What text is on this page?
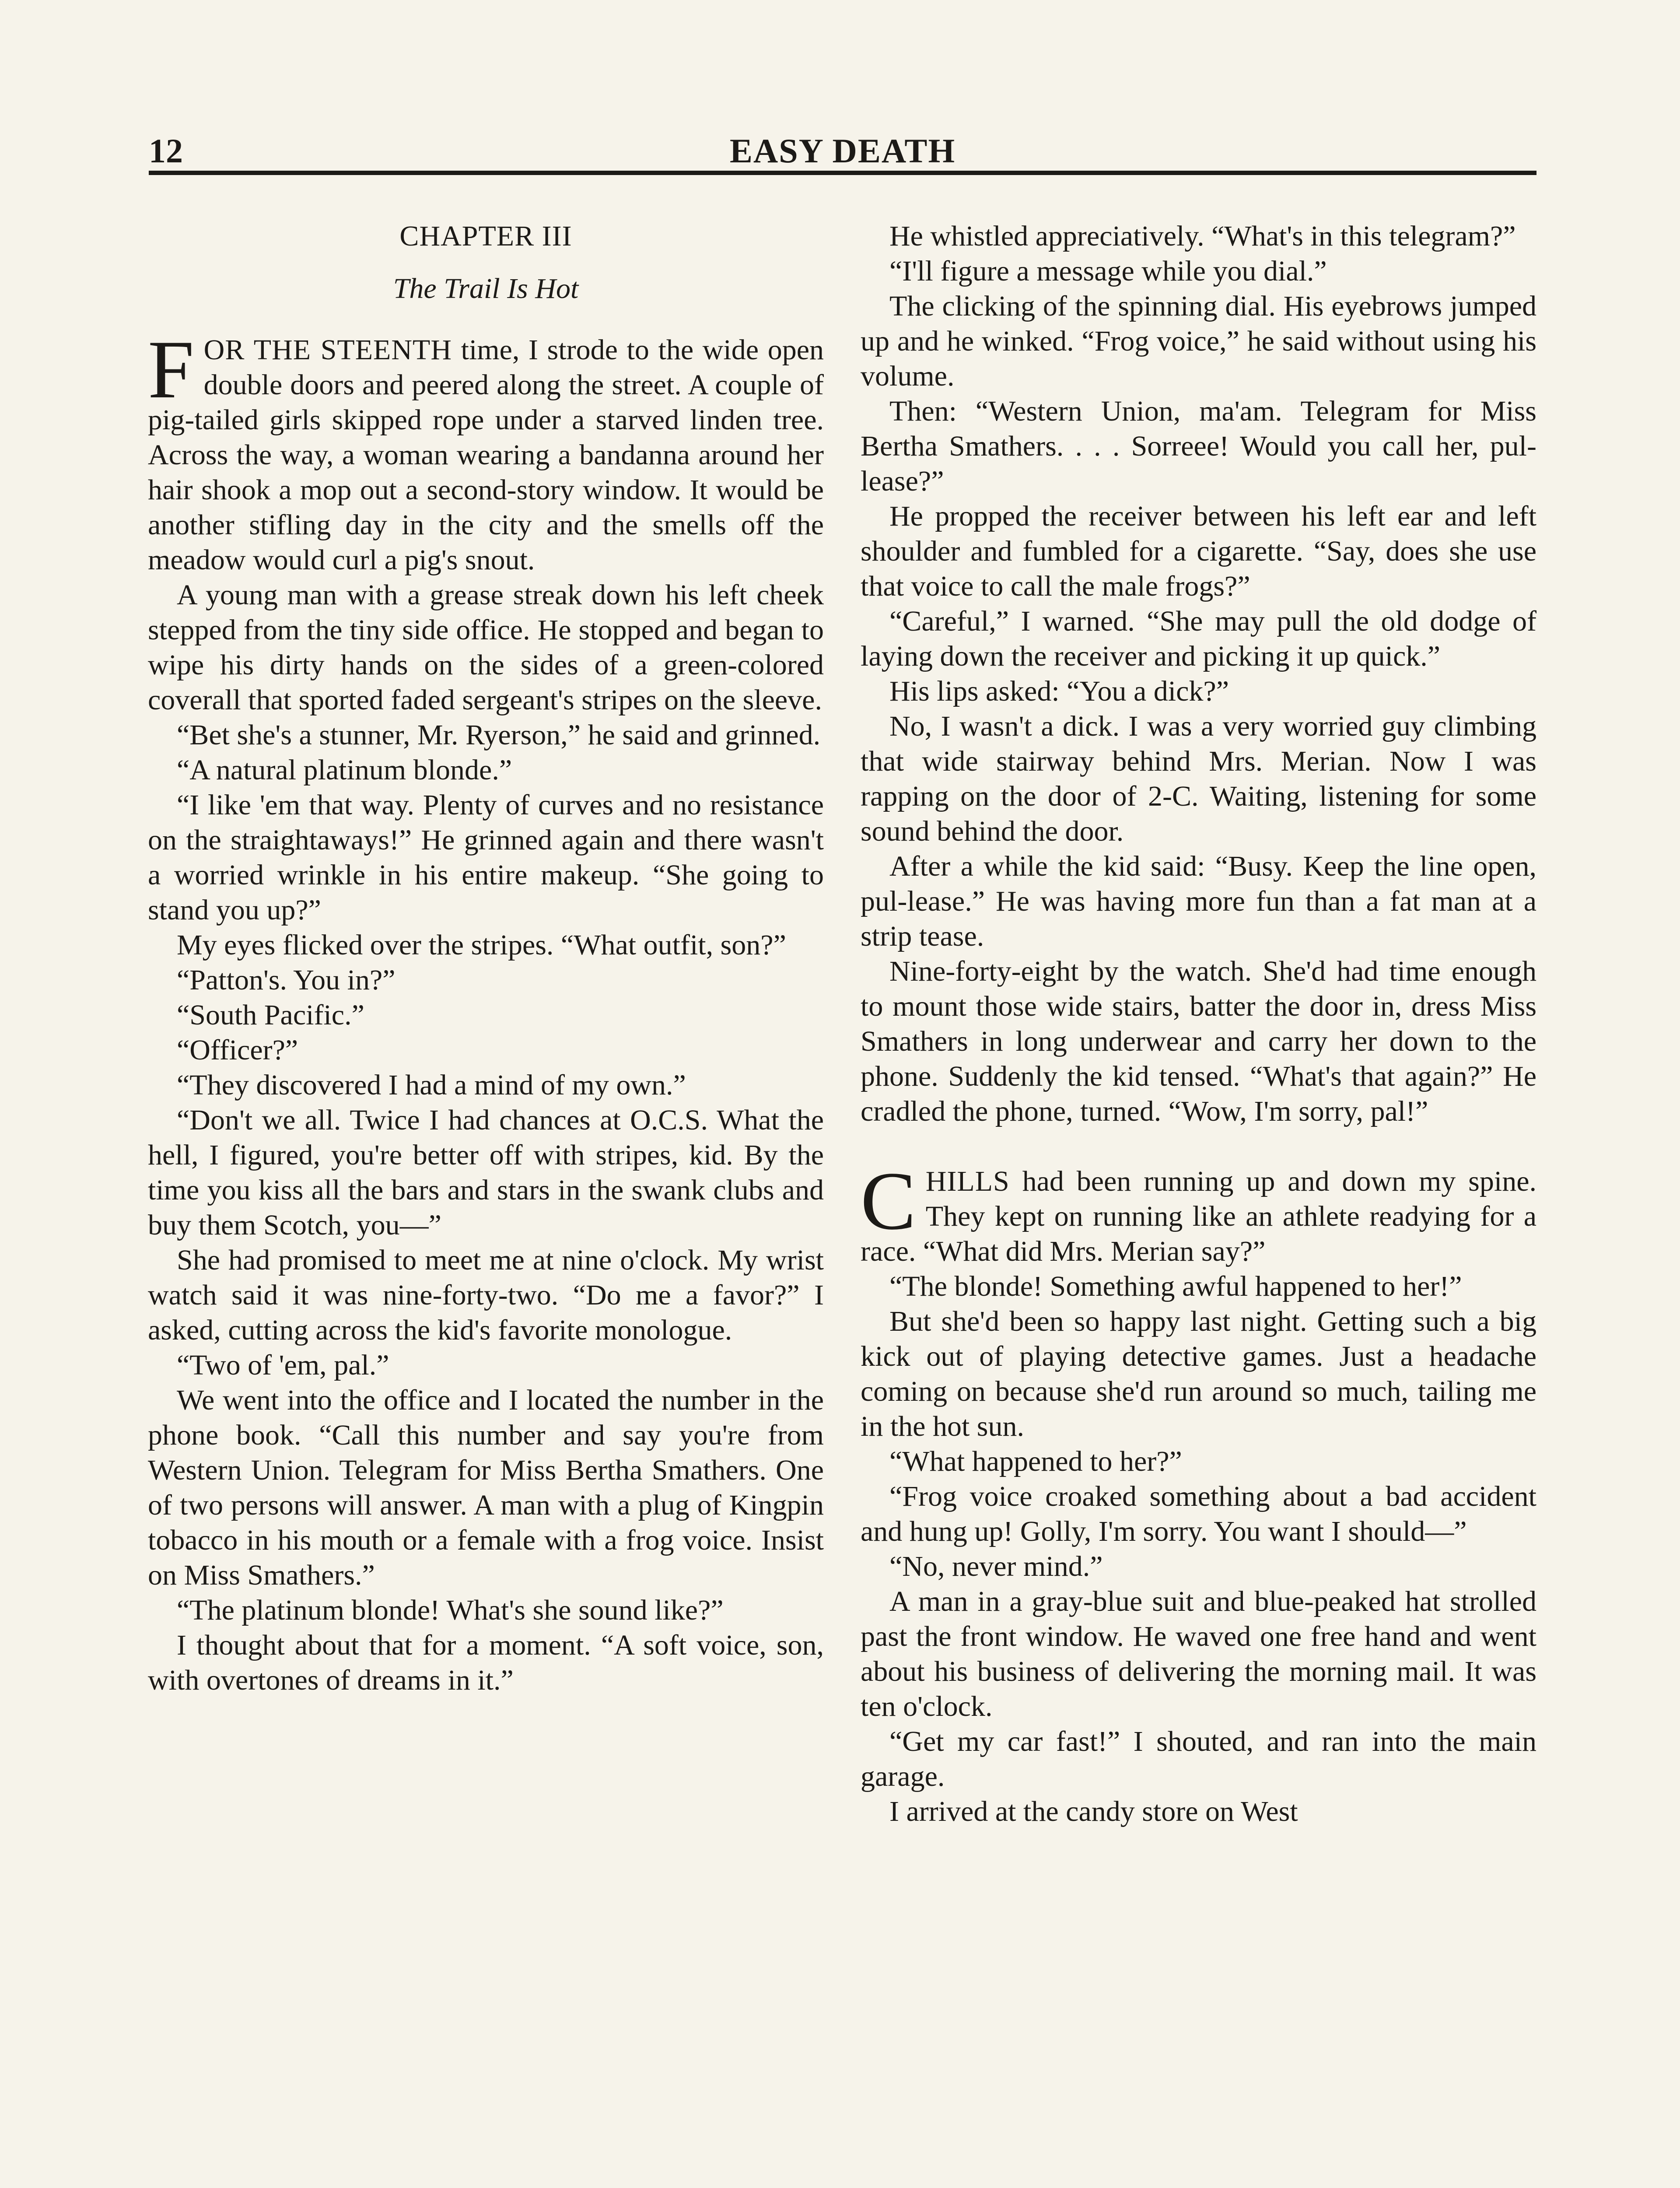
12	EASY DEATH

CHAPTER III

The Trail Is Hot

FOR THE STEENTH time, I strode to the wide open double doors and peered along the street. A couple of pig-tailed girls skipped rope under a starved linden tree. Across the way, a woman wearing a bandanna around her hair shook a mop out a second-story window. It would be another stifling day in the city and the smells off the meadow would curl a pig's snout.

A young man with a grease streak down his left cheek stepped from the tiny side office. He stopped and began to wipe his dirty hands on the sides of a green-colored coverall that sported faded sergeant's stripes on the sleeve.

“Bet she's a stunner, Mr. Ryerson,” he said and grinned.

“A natural platinum blonde.”

“I like 'em that way. Plenty of curves and no resistance on the straightaways!” He grinned again and there wasn't a worried wrinkle in his entire makeup. “She going to stand you up?”

My eyes flicked over the stripes. “What outfit, son?”

“Patton's. You in?”

“South Pacific.”

“Officer?”

“They discovered I had a mind of my own.”

“Don't we all. Twice I had chances at O.C.S. What the hell, I figured, you're better off with stripes, kid. By the time you kiss all the bars and stars in the swank clubs and buy them Scotch, you—”

She had promised to meet me at nine o'clock. My wrist watch said it was nine-forty-two. “Do me a favor?” I asked, cutting across the kid's favorite monologue.

“Two of 'em, pal.”

We went into the office and I located the number in the phone book. “Call this number and say you're from Western Union. Telegram for Miss Bertha Smathers. One of two persons will answer. A man with a plug of Kingpin tobacco in his mouth or a female with a frog voice. Insist on Miss Smathers.”

“The platinum blonde! What's she sound like?”

I thought about that for a moment. “A soft voice, son, with overtones of dreams in it.”

He whistled appreciatively. “What's in this telegram?”

“I'll figure a message while you dial.”

The clicking of the spinning dial. His eyebrows jumped up and he winked. “Frog voice,” he said without using his volume.

Then: “Western Union, ma'am. Telegram for Miss Bertha Smathers. . . . Sorreee! Would you call her, pul-lease?”

He propped the receiver between his left ear and left shoulder and fumbled for a cigarette. “Say, does she use that voice to call the male frogs?”

“Careful,” I warned. “She may pull the old dodge of laying down the receiver and picking it up quick.”

His lips asked: “You a dick?”

No, I wasn't a dick. I was a very worried guy climbing that wide stairway behind Mrs. Merian. Now I was rapping on the door of 2-C. Waiting, listening for some sound behind the door.

After a while the kid said: “Busy. Keep the line open, pul-lease.” He was having more fun than a fat man at a strip tease.

Nine-forty-eight by the watch. She'd had time enough to mount those wide stairs, batter the door in, dress Miss Smathers in long underwear and carry her down to the phone. Suddenly the kid tensed. “What's that again?” He cradled the phone, turned. “Wow, I'm sorry, pal!”

CHILLS had been running up and down my spine. They kept on running like an athlete readying for a race. “What did Mrs. Merian say?”

“The blonde! Something awful happened to her!”

But she'd been so happy last night. Getting such a big kick out of playing detective games. Just a headache coming on because she'd run around so much, tailing me in the hot sun.

“What happened to her?”

“Frog voice croaked something about a bad accident and hung up! Golly, I'm sorry. You want I should—”

“No, never mind.”

A man in a gray-blue suit and blue-peaked hat strolled past the front window. He waved one free hand and went about his business of delivering the morning mail. It was ten o'clock.

“Get my car fast!” I shouted, and ran into the main garage.

I arrived at the candy store on West
